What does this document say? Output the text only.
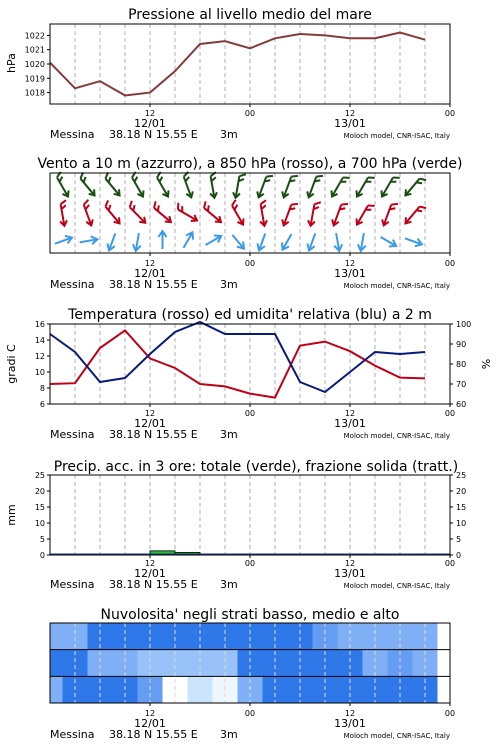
Pressione al livello medio del mare
Vento a 10 m (azzurro), a 850 hPa (rosso), a 700 hPa (verde)
Temperatura (rosso) ed umidita' relativa (blu) a 2 m
Precip. acc. in 3 ore: totale (verde), frazione solida (tratt.)
Nuvolosita' negli strati basso, medio e alto
hPa
gradi C	%
mm
1018
1019
1020
1021
1022
6
8
10
12
14
16
60
70
80
90
100
0	0
5	5
10	10
15	15
20	20
25	25
12	00	12	00
12/01	13/01
Messina 38.18 N 15.55 E 3m	Moloch model, CNR-ISAC, Italy
12	00	12	00
12/01	13/01
Messina 38.18 N 15.55 E 3m	Moloch model, CNR-ISAC, Italy
12	00	12	00
12/01	13/01
Messina 38.18 N 15.55 E 3m	Moloch model, CNR-ISAC, Italy
12	00	12	00
12/01	13/01
Messina 38.18 N 15.55 E 3m	Moloch model, CNR-ISAC, Italy
12	00	12	00
12/01	13/01
Messina 38.18 N 15.55 E 3m	Moloch model, CNR-ISAC, Italy
